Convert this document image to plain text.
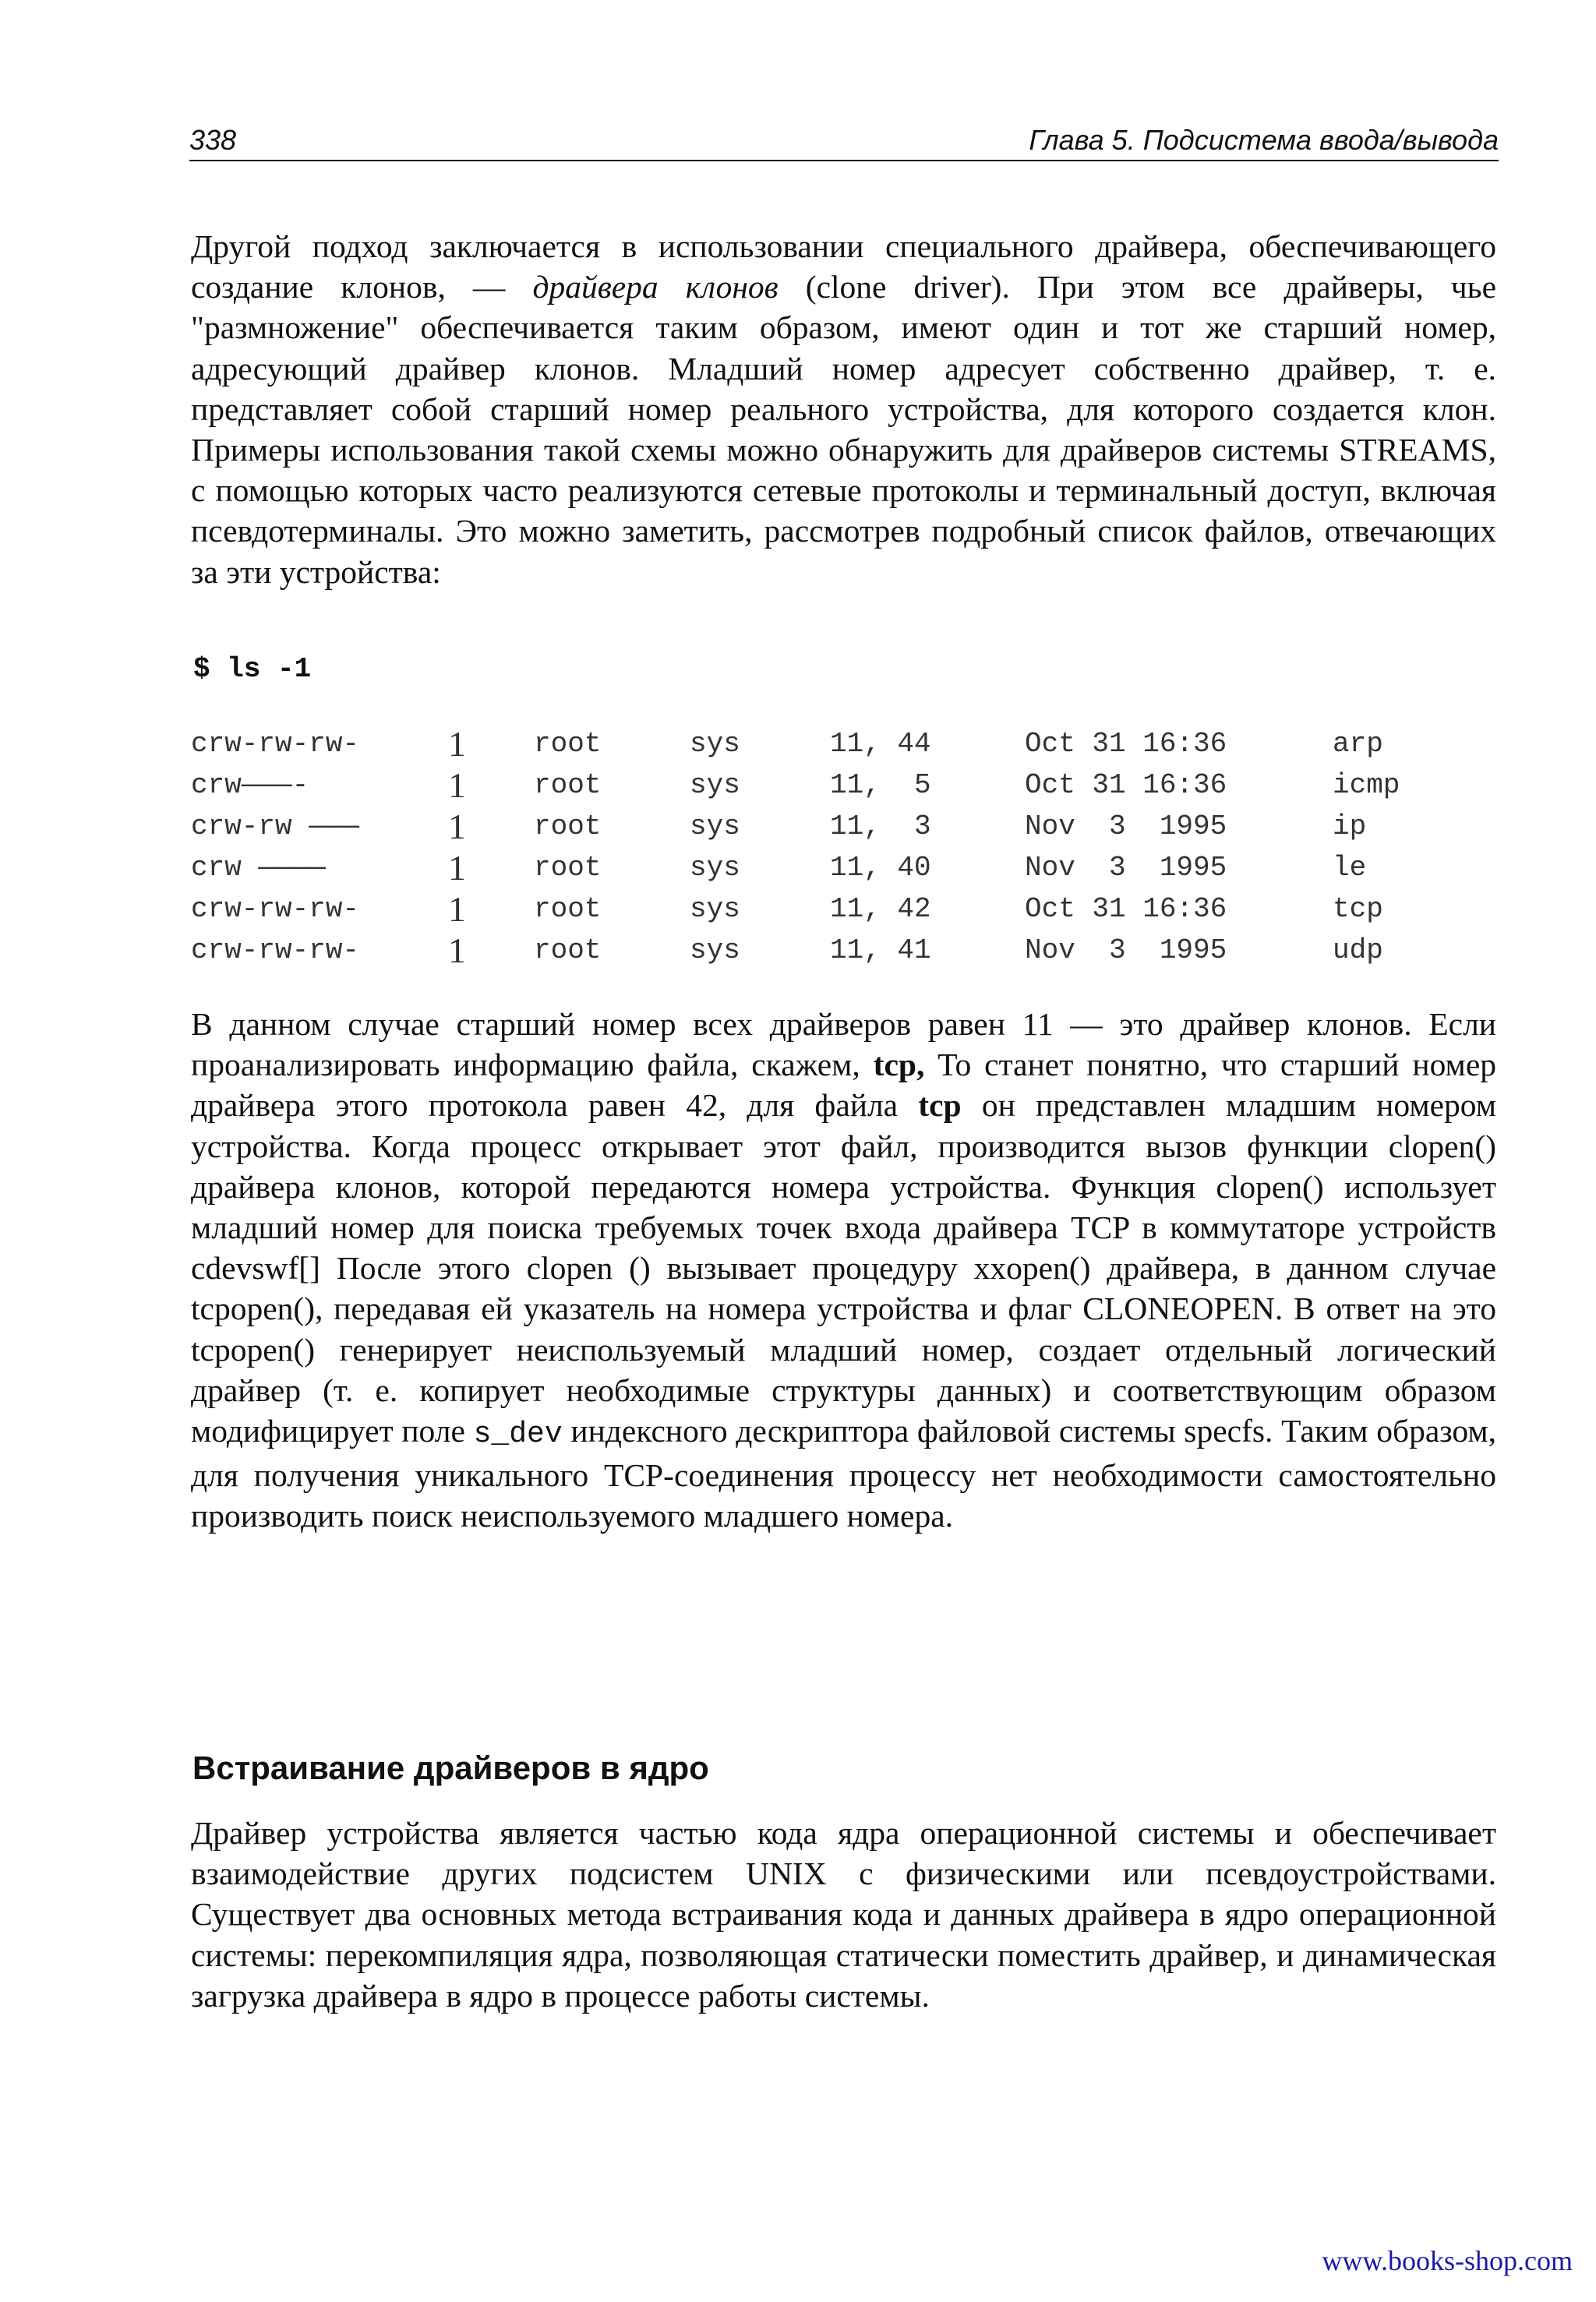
338	Глава 5. Подсистема ввода/вывода

Другой подход заключается в использовании специального драйвера, обеспечивающего создание клонов, — драйвера клонов (clone driver). При этом все драйверы, чье "размножение" обеспечивается таким образом, имеют один и тот же старший номер, адресующий драйвер клонов. Младший номер адресует собственно драйвер, т. е. представляет собой старший номер реального устройства, для которого создается клон. Примеры использования такой схемы можно обнаружить для драйверов системы STREAMS, с помощью которых часто реализуются сетевые протоколы и терминальный доступ, включая псевдотерминалы. Это можно заметить, рассмотрев подробный список файлов, отвечающих за эти устройства:

$ ls -1
crw-rw-rw-	1	root	sys	11, 44	Oct 31 16:36	arp
crw———-	1	root	sys	11,  5	Oct 31 16:36	icmp
crw-rw ———	1	root	sys	11,  3	Nov  3  1995	ip
crw ————	1	root	sys	11, 40	Nov  3  1995	le
crw-rw-rw-	1	root	sys	11, 42	Oct 31 16:36	tcp
crw-rw-rw-	1	root	sys	11, 41	Nov  3  1995	udp

В данном случае старший номер всех драйверов равен 11 — это драйвер клонов. Если проанализировать информацию файла, скажем, tcp, То станет понятно, что старший номер драйвера этого протокола равен 42, для файла tcp он представлен младшим номером устройства. Когда процесс открывает этот файл, производится вызов функции clopen() драйвера клонов, которой передаются номера устройства. Функция clopen() использует младший номер для поиска требуемых точек входа драйвера TCP в коммутаторе устройств cdevswf[] После этого clopen () вызывает процедуру xxopen() драйвера, в данном случае tcpopen(), передавая ей указатель на номера устройства и флаг CLONEOPEN. В ответ на это tcpopen() генерирует неиспользуемый младший номер, создает отдельный логический драйвер (т. е. копирует необходимые структуры данных) и соответствующим образом модифицирует поле s_dev индексного дескриптора файловой системы specfs. Таким образом, для получения уникального TCP-соединения процессу нет необходимости самостоятельно производить поиск неиспользуемого младшего номера.

Встраивание драйверов в ядро

Драйвер устройства является частью кода ядра операционной системы и обеспечивает взаимодействие других подсистем UNIX с физическими или псевдоустройствами. Существует два основных метода встраивания кода и данных драйвера в ядро операционной системы: перекомпиляция ядра, позволяющая статически поместить драйвер, и динамическая загрузка драйвера в ядро в процессе работы системы.

www.books-shop.com
